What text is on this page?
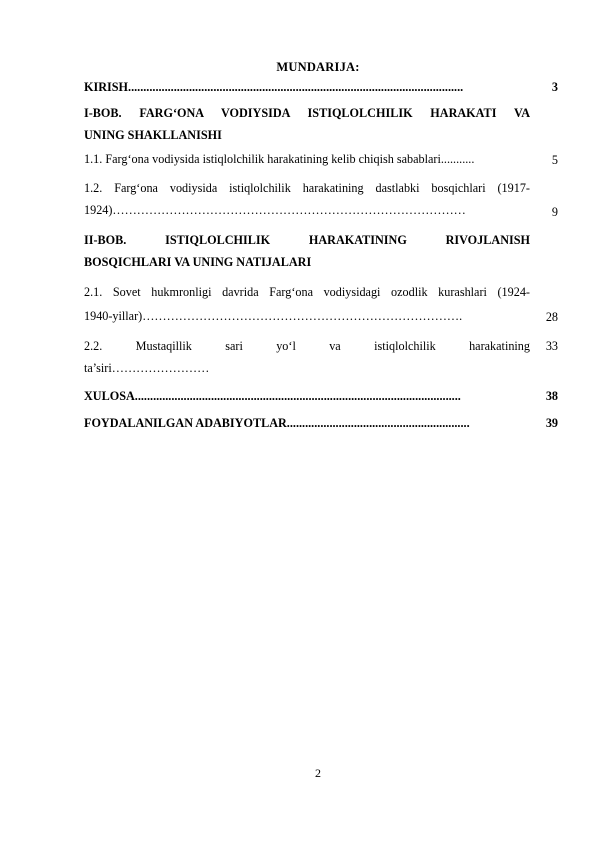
MUNDARIJA:
KIRISH..............................................................................................................	3
I-BOB. FARG‘ONA VODIYSIDA ISTIQLOLCHILIK HARAKATI VA
UNING SHAKLLANISHI
1.1. Farg‘ona vodiysida istiqlolchilik harakatining kelib chiqish sabablari...........	5
1.2. Farg‘ona vodiysida istiqlolchilik harakatining dastlabki bosqichlari (1917-
1924)……………………………………………………………………………	9
II-BOB. ISTIQLOLCHILIK HARAKATINING RIVOJLANISH
BOSQICHLARI VA UNING NATIJALARI
2.1. Sovet hukmronligi davrida Farg‘ona vodiysidagi ozodlik kurashlari (1924-
1940-yillar)…………………………………………………………………….	28
2.2. Mustaqillik sari yo‘l va istiqlolchilik harakatining	33
ta’siri……………………
XULOSA...........................................................................................................	38
FOYDALANILGAN ADABIYOTLAR............................................................	39
2
